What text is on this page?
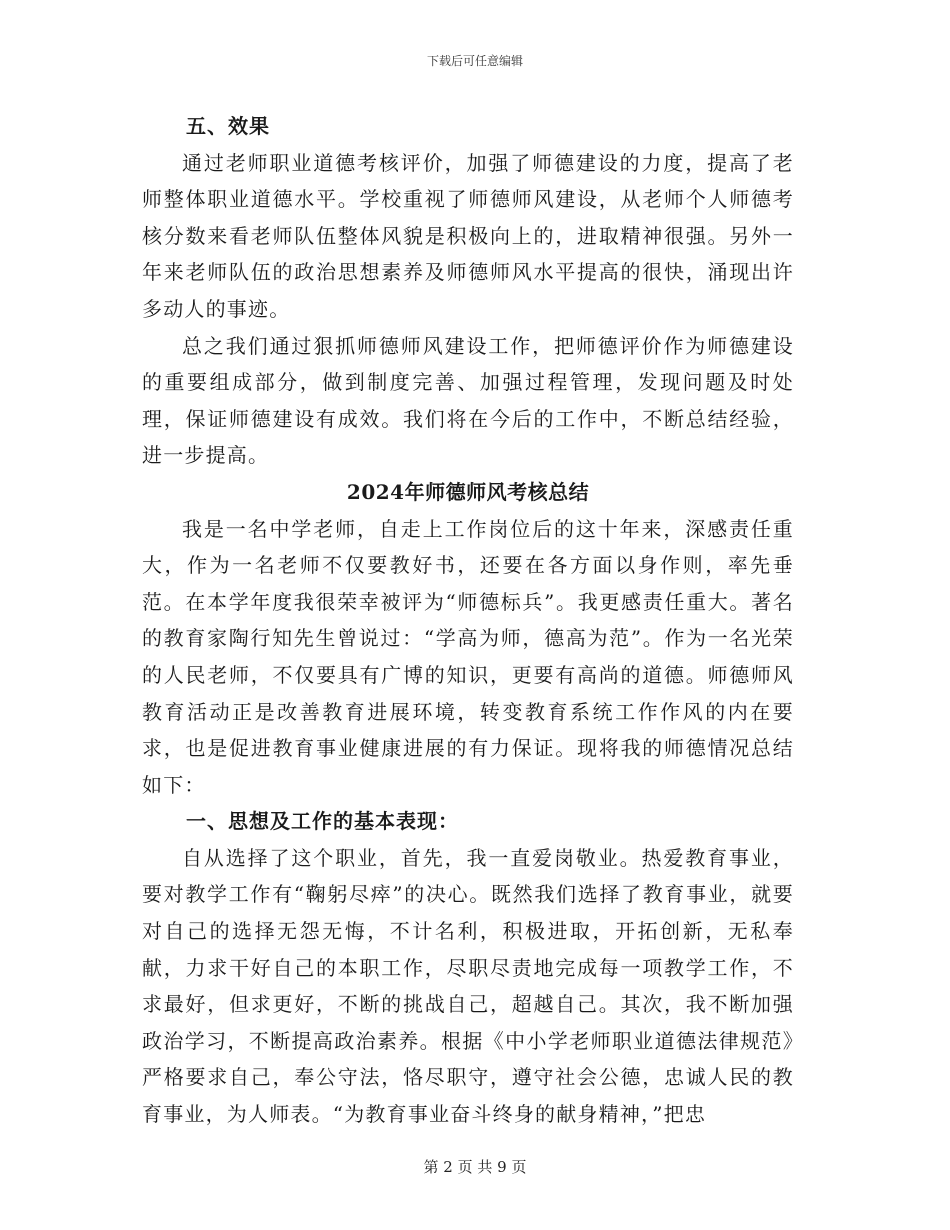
下载后可任意编辑
五、效果

通过老师职业道德考核评价，加强了师德建设的力度，提高了老师整体职业道德水平。学校重视了师德师风建设，从老师个人师德考核分数来看老师队伍整体风貌是积极向上的，进取精神很强。另外一年来老师队伍的政治思想素养及师德师风水平提高的很快，涌现出许多动人的事迹。

总之我们通过狠抓师德师风建设工作，把师德评价作为师德建设的重要组成部分，做到制度完善、加强过程管理，发现问题及时处理，保证师德建设有成效。我们将在今后的工作中，不断总结经验，进一步提高。

2024年师德师风考核总结

我是一名中学老师，自走上工作岗位后的这十年来，深感责任重大，作为一名老师不仅要教好书，还要在各方面以身作则，率先垂范。在本学年度我很荣幸被评为“师德标兵”。我更感责任重大。著名的教育家陶行知先生曾说过：“学高为师，德高为范”。作为一名光荣的人民老师，不仅要具有广博的知识，更要有高尚的道德。师德师风教育活动正是改善教育进展环境，转变教育系统工作作风的内在要求，也是促进教育事业健康进展的有力保证。现将我的师德情况总结如下：

一、思想及工作的基本表现：

自从选择了这个职业，首先，我一直爱岗敬业。热爱教育事业，要对教学工作有“鞠躬尽瘁”的决心。既然我们选择了教育事业，就要对自己的选择无怨无悔，不计名利，积极进取，开拓创新，无私奉献，力求干好自己的本职工作，尽职尽责地完成每一项教学工作，不求最好，但求更好，不断的挑战自己，超越自己。其次，我不断加强政治学习，不断提高政治素养。根据《中小学老师职业道德法律规范》严格要求自己，奉公守法，恪尽职守，遵守社会公德，忠诚人民的教育事业，为人师表。“为教育事业奋斗终身的献身精神，”把忠

第 2 页 共 9 页
